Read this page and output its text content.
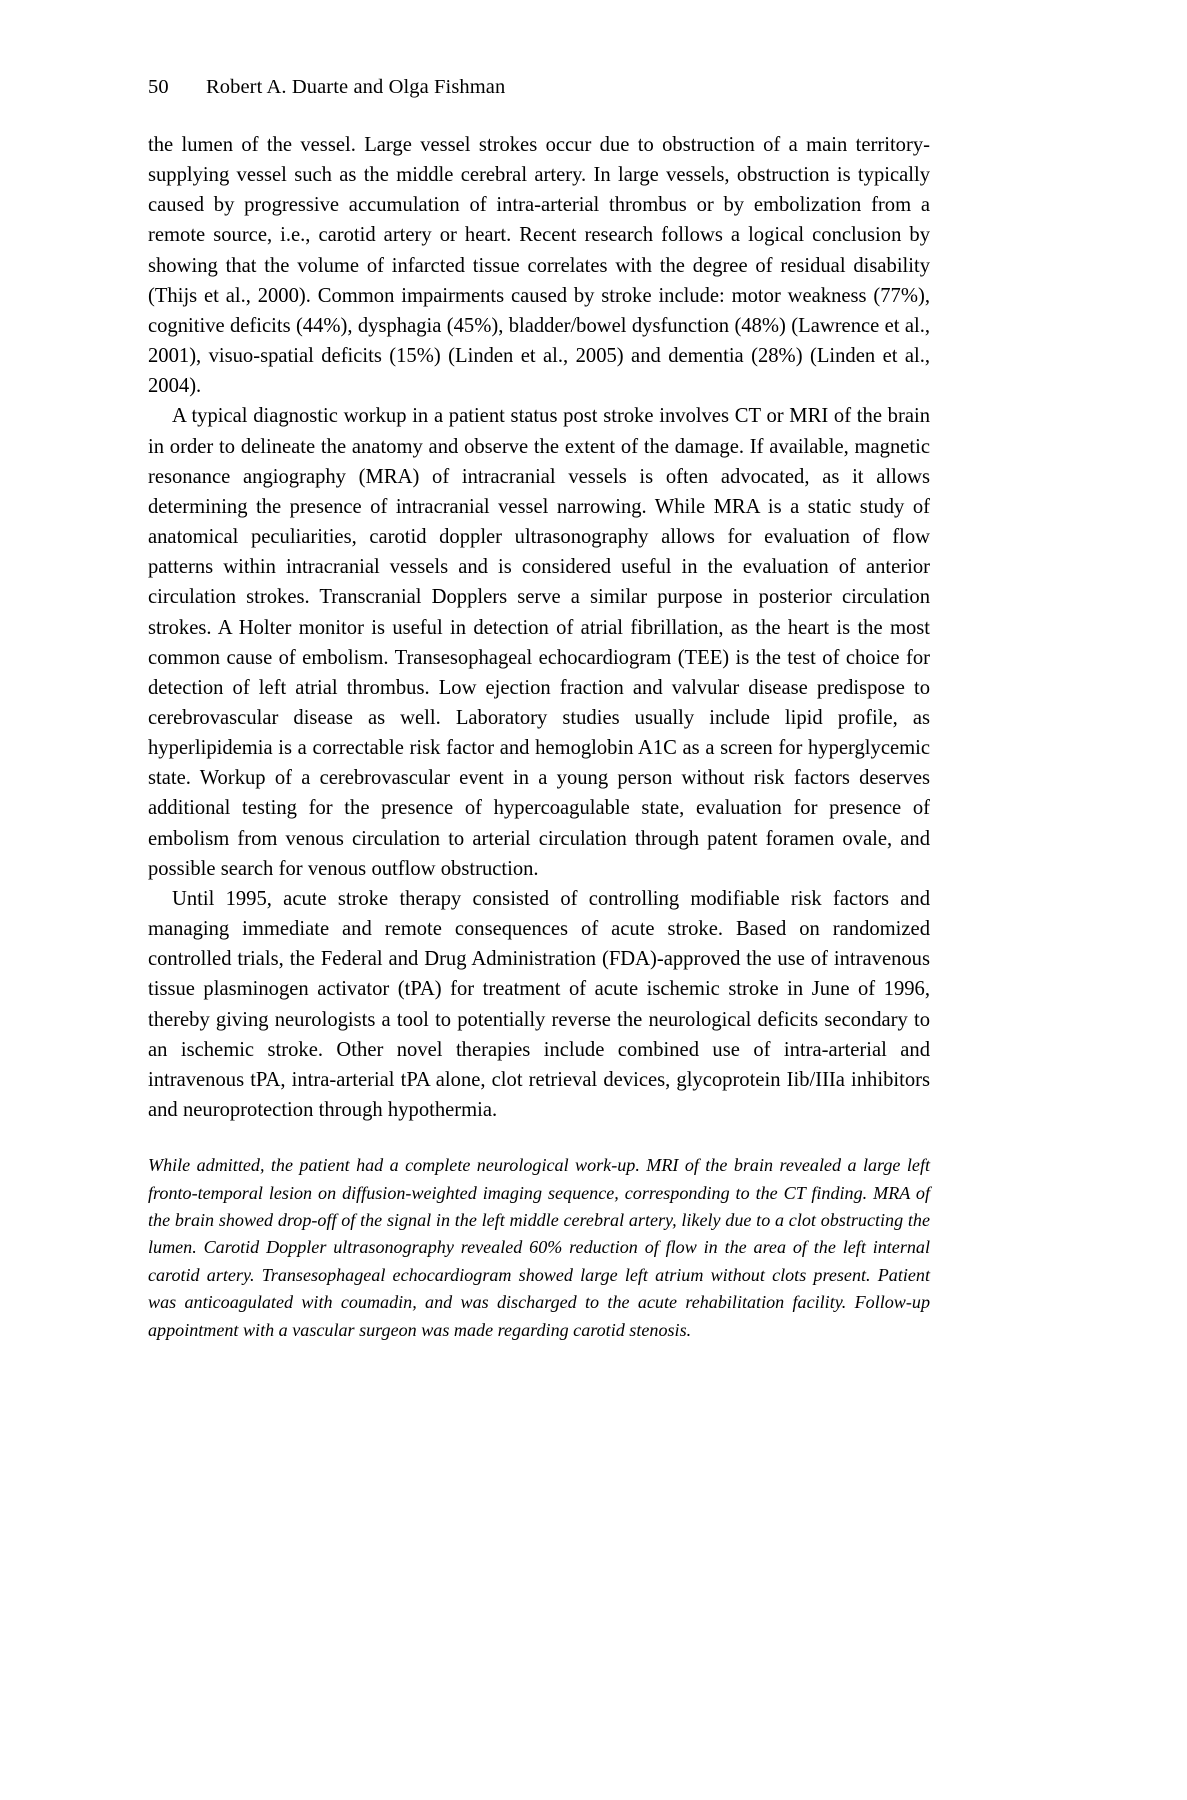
50 Robert A. Duarte and Olga Fishman

the lumen of the vessel. Large vessel strokes occur due to obstruction of a main territory-supplying vessel such as the middle cerebral artery. In large vessels, obstruction is typically caused by progressive accumulation of intra-arterial thrombus or by embolization from a remote source, i.e., carotid artery or heart. Recent research follows a logical conclusion by showing that the volume of infarcted tissue correlates with the degree of residual disability (Thijs et al., 2000). Common impairments caused by stroke include: motor weakness (77%), cognitive deficits (44%), dysphagia (45%), bladder/bowel dysfunction (48%) (Lawrence et al., 2001), visuo-spatial deficits (15%) (Linden et al., 2005) and dementia (28%) (Linden et al., 2004).

A typical diagnostic workup in a patient status post stroke involves CT or MRI of the brain in order to delineate the anatomy and observe the extent of the damage. If available, magnetic resonance angiography (MRA) of intracranial vessels is often advocated, as it allows determining the presence of intracranial vessel narrowing. While MRA is a static study of anatomical peculiarities, carotid doppler ultrasonography allows for evaluation of flow patterns within intracranial vessels and is considered useful in the evaluation of anterior circulation strokes. Transcranial Dopplers serve a similar purpose in posterior circulation strokes. A Holter monitor is useful in detection of atrial fibrillation, as the heart is the most common cause of embolism. Transesophageal echocardiogram (TEE) is the test of choice for detection of left atrial thrombus. Low ejection fraction and valvular disease predispose to cerebrovascular disease as well. Laboratory studies usually include lipid profile, as hyperlipidemia is a correctable risk factor and hemoglobin A1C as a screen for hyperglycemic state. Workup of a cerebrovascular event in a young person without risk factors deserves additional testing for the presence of hypercoagulable state, evaluation for presence of embolism from venous circulation to arterial circulation through patent foramen ovale, and possible search for venous outflow obstruction.

Until 1995, acute stroke therapy consisted of controlling modifiable risk factors and managing immediate and remote consequences of acute stroke. Based on randomized controlled trials, the Federal and Drug Administration (FDA)-approved the use of intravenous tissue plasminogen activator (tPA) for treatment of acute ischemic stroke in June of 1996, thereby giving neurologists a tool to potentially reverse the neurological deficits secondary to an ischemic stroke. Other novel therapies include combined use of intra-arterial and intravenous tPA, intra-arterial tPA alone, clot retrieval devices, glycoprotein Iib/IIIa inhibitors and neuroprotection through hypothermia.

While admitted, the patient had a complete neurological work-up. MRI of the brain revealed a large left fronto-temporal lesion on diffusion-weighted imaging sequence, corresponding to the CT finding. MRA of the brain showed drop-off of the signal in the left middle cerebral artery, likely due to a clot obstructing the lumen. Carotid Doppler ultrasonography revealed 60% reduction of flow in the area of the left internal carotid artery. Transesophageal echocardiogram showed large left atrium without clots present. Patient was anticoagulated with coumadin, and was discharged to the acute rehabilitation facility. Follow-up appointment with a vascular surgeon was made regarding carotid stenosis.
